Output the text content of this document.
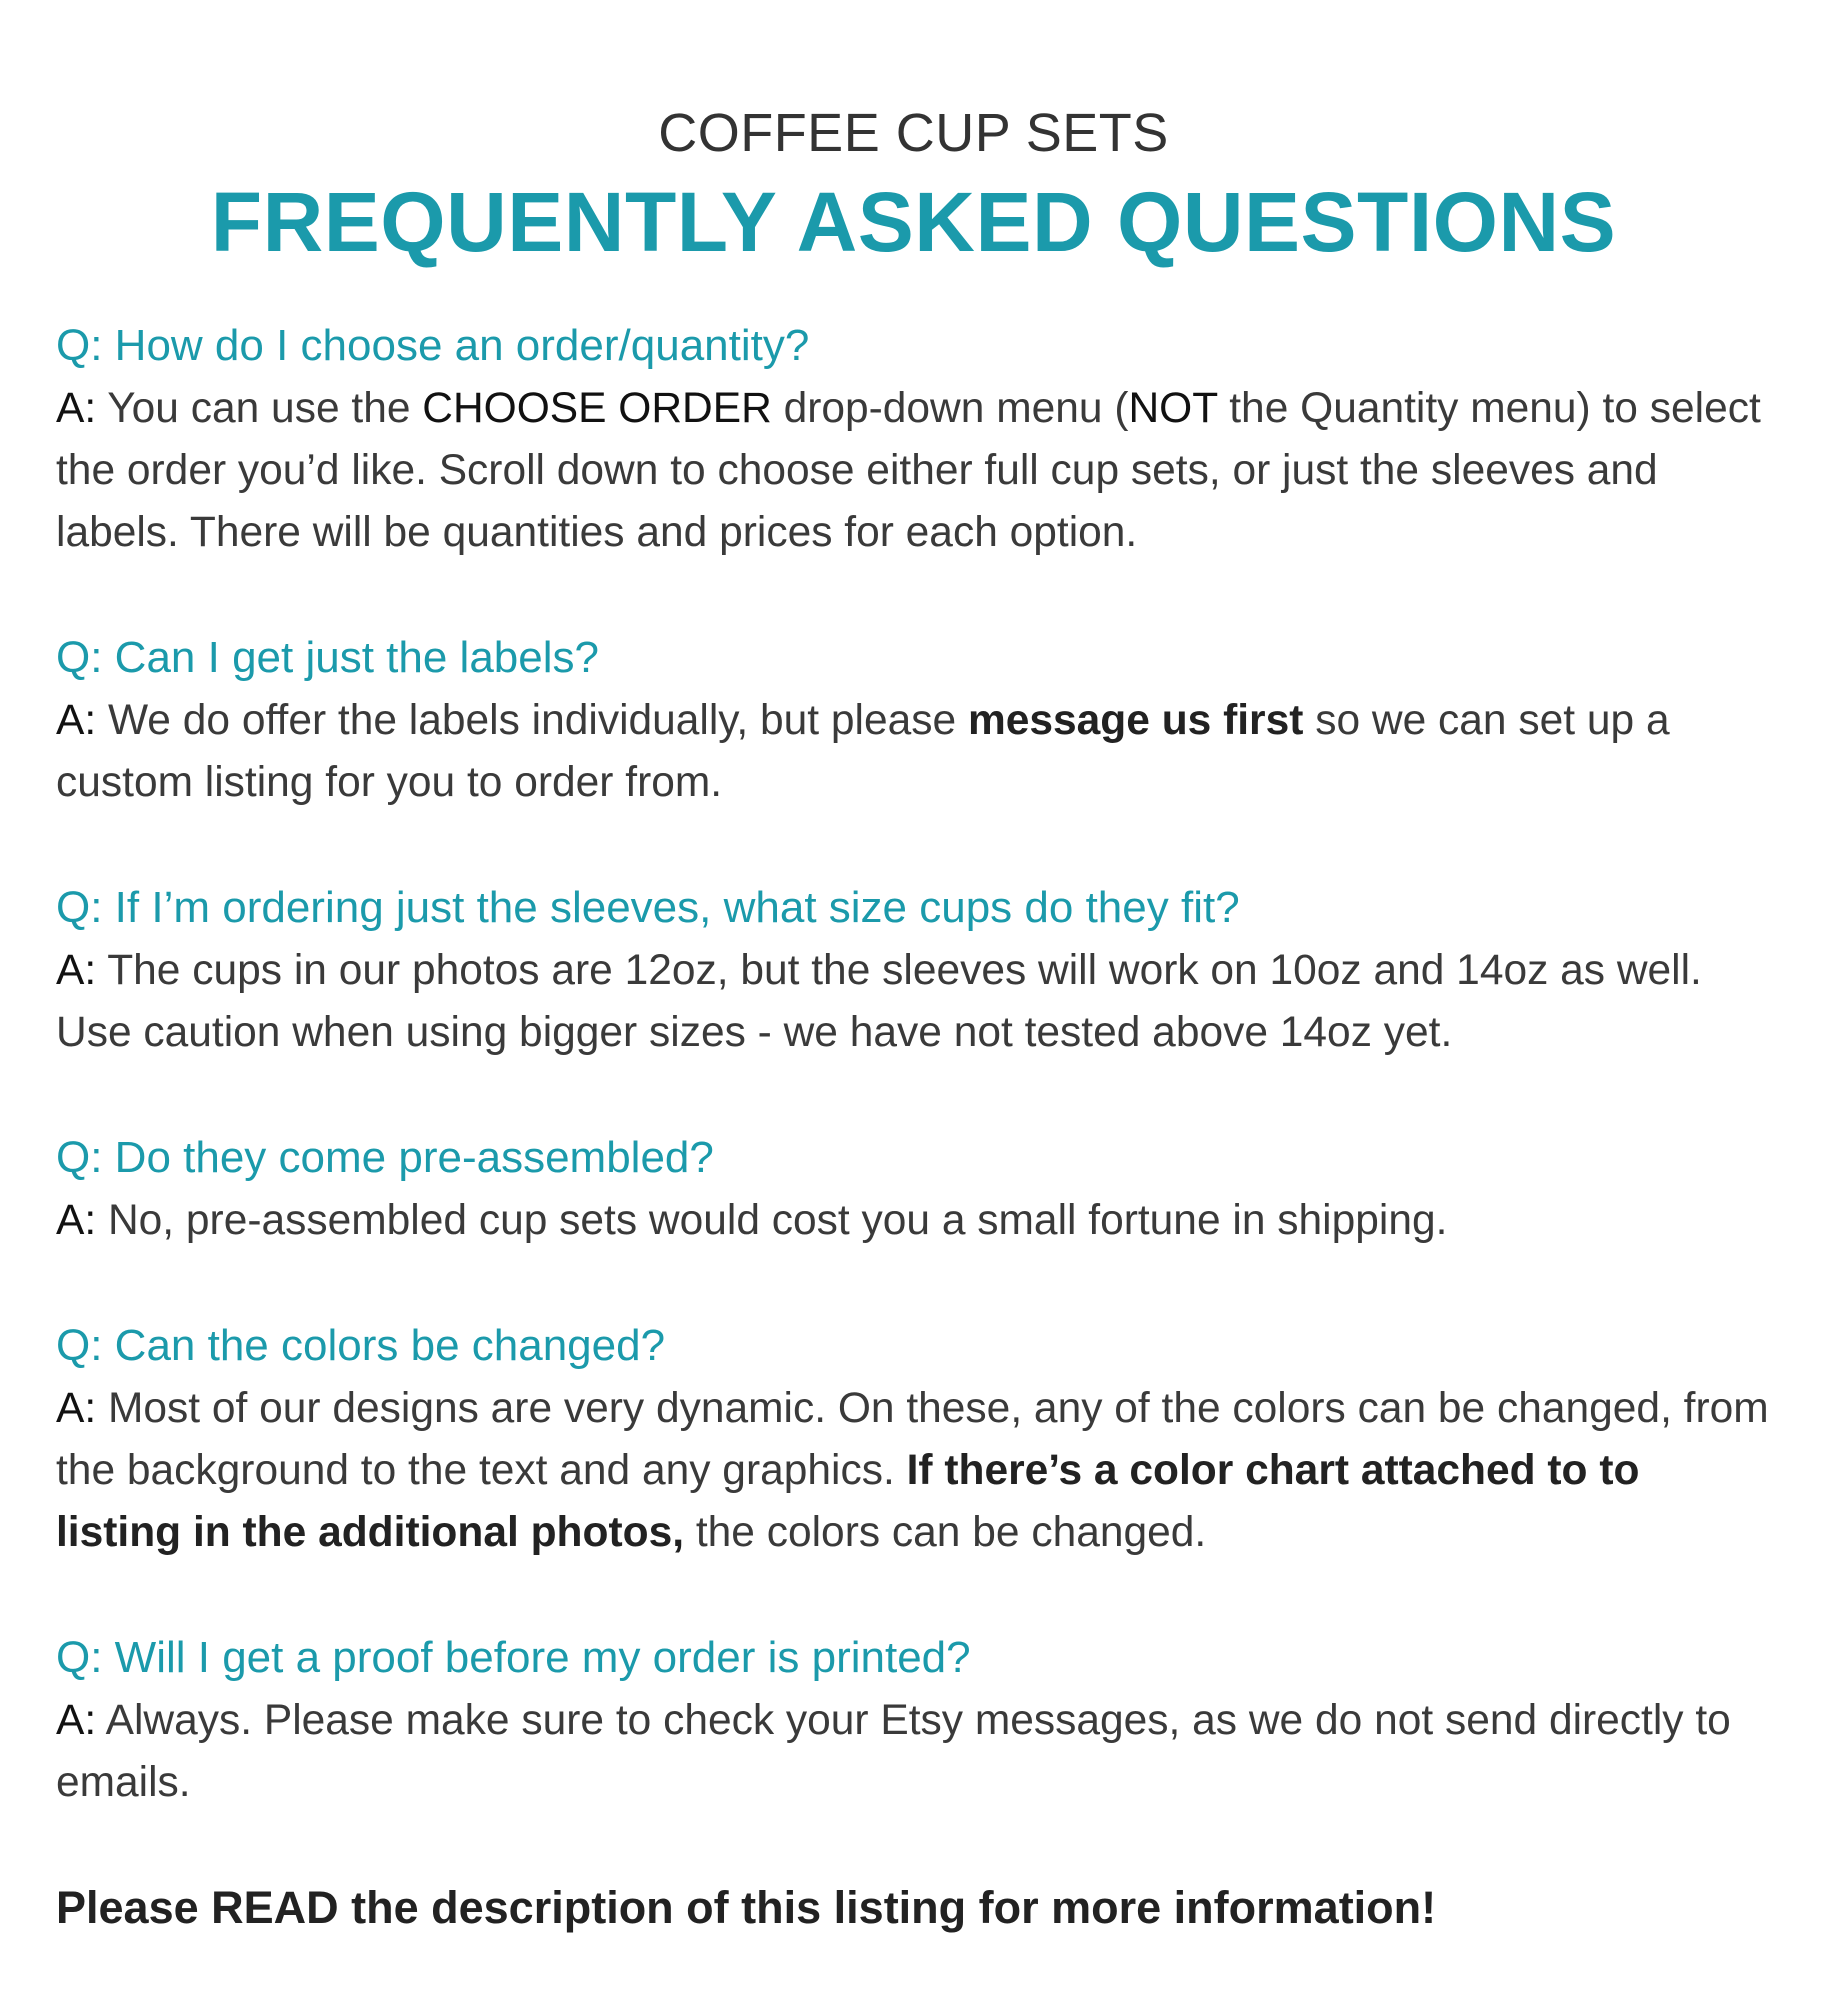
COFFEE CUP SETS

FREQUENTLY ASKED QUESTIONS

Q: How do I choose an order/quantity?

A: You can use the CHOOSE ORDER drop-down menu (NOT the Quantity menu) to select the order you’d like. Scroll down to choose either full cup sets, or just the sleeves and labels. There will be quantities and prices for each option.

Q: Can I get just the labels?

A: We do offer the labels individually, but please message us first so we can set up a custom listing for you to order from.

Q: If I’m ordering just the sleeves, what size cups do they fit?

A: The cups in our photos are 12oz, but the sleeves will work on 10oz and 14oz as well. Use caution when using bigger sizes - we have not tested above 14oz yet.

Q: Do they come pre-assembled?

A: No, pre-assembled cup sets would cost you a small fortune in shipping.

Q: Can the colors be changed?

A: Most of our designs are very dynamic. On these, any of the colors can be changed, from the background to the text and any graphics. If there’s a color chart attached to to listing in the additional photos, the colors can be changed.

Q: Will I get a proof before my order is printed?

A: Always. Please make sure to check your Etsy messages, as we do not send directly to emails.

Please READ the description of this listing for more information!
